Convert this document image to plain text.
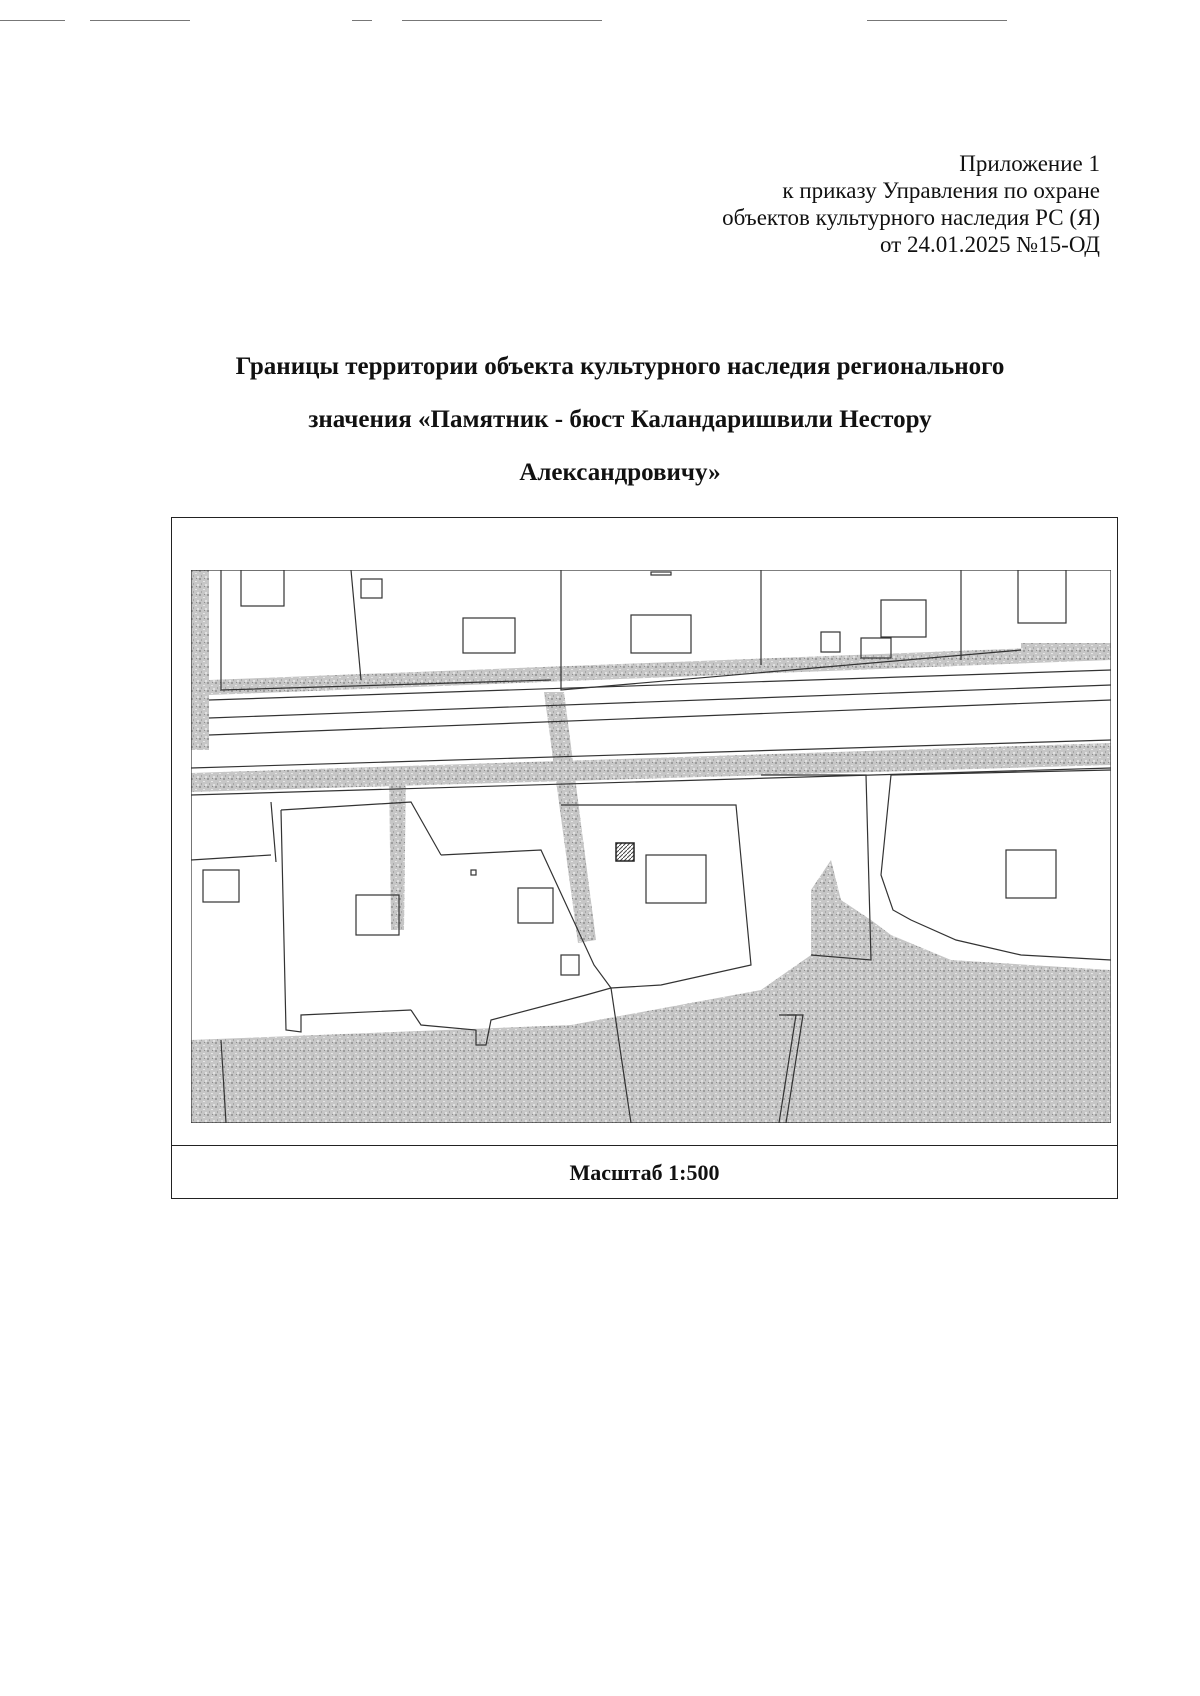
Приложение 1
к приказу Управления по охране
объектов культурного наследия РС (Я)
от 24.01.2025 №15-ОД
Границы территории объекта культурного наследия регионального
значения «Памятник - бюст Каландаришвили Нестору
Александровичу»
Масштаб 1:500
